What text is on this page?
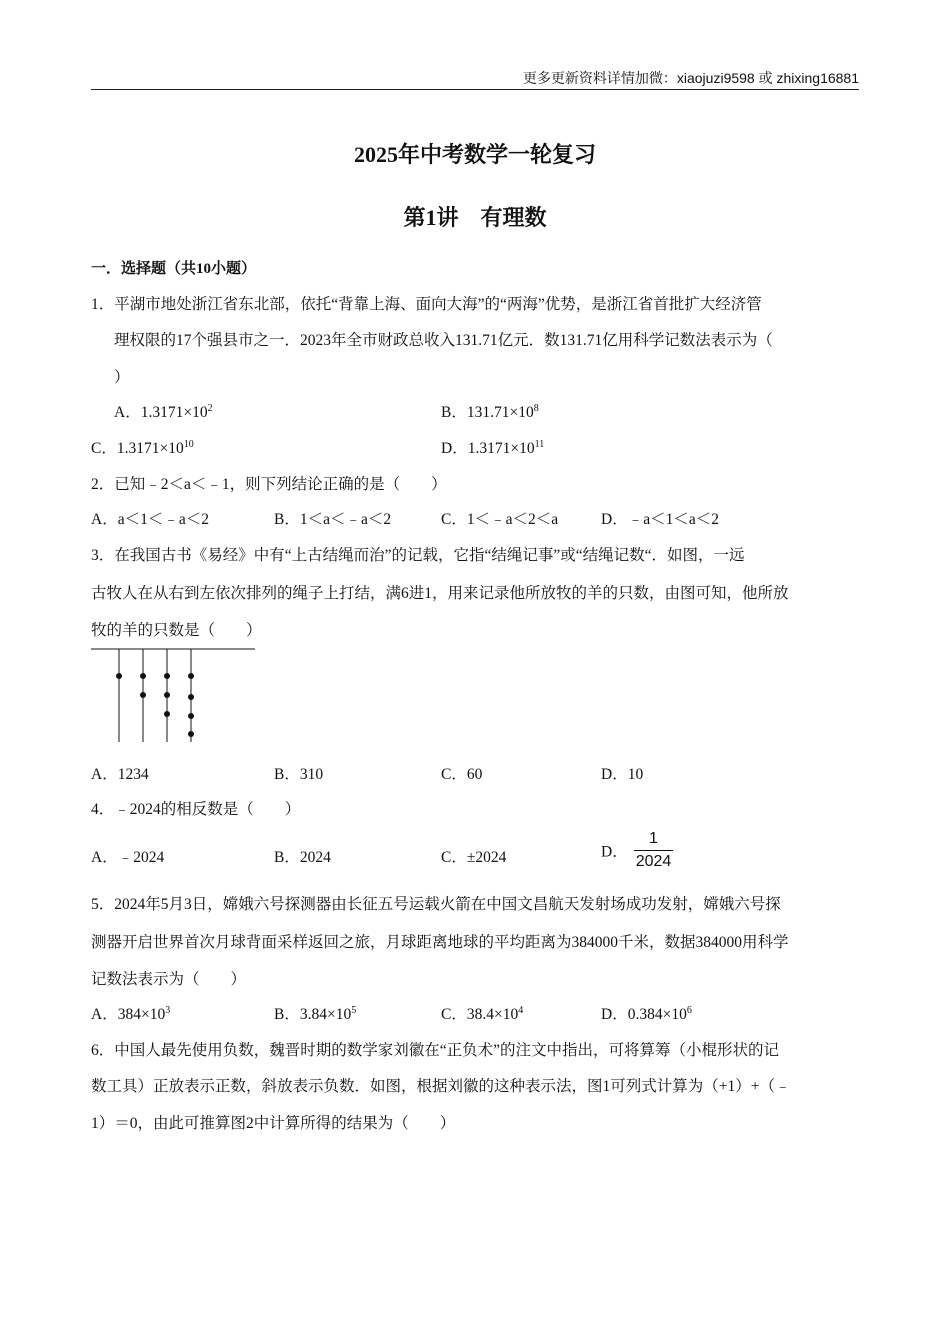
更多更新资料详情加微：xiaojuzi9598 或 zhixing16881
2025年中考数学一轮复习
第1讲　有理数
一．选择题（共10小题）
1．平湖市地处浙江省东北部，依托“背靠上海、面向大海”的“两海”优势，是浙江省首批扩大经济管
理权限的17个强县市之一．2023年全市财政总收入131.71亿元．数131.71亿用科学记数法表示为（
）
A．$1.3171\times 10^2$	B．$131.71\times 10^8$
C．$1.3171\times 10^{10}$	D．$1.3171\times 10^{11}$
2．已知﹣2＜a＜﹣1，则下列结论正确的是（　　）
A．a＜1＜﹣a＜2	B．1＜a＜﹣a＜2	C．1＜﹣a＜2＜a	D．﹣a＜1＜a＜2
3．在我国古书《易经》中有“上古结绳而治”的记载，它指“结绳记事”或“结绳记数“．如图，一远
古牧人在从右到左依次排列的绳子上打结，满6进1，用来记录他所放牧的羊的只数，由图可知，他所放
牧的羊的只数是（　　）
A．1234	B．310	C．60	D．10
4．﹣2024的相反数是（　　）
A．﹣2024	B．2024	C．±2024	D． $\frac{1}{2024}$
5．2024年5月3日，嫦娥六号探测器由长征五号运载火箭在中国文昌航天发射场成功发射，嫦娥六号探
测器开启世界首次月球背面采样返回之旅，月球距离地球的平均距离为384000千米，数据384000用科学
记数法表示为（　　）
A．$384\times 10^3$	B．$3.84\times 10^5$	C．$38.4\times 10^4$	D．$0.384\times 10^6$
6．中国人最先使用负数，魏晋时期的数学家刘徽在“正负术”的注文中指出，可将算筹（小棍形状的记
数工具）正放表示正数，斜放表示负数．如图，根据刘徽的这种表示法，图1可列式计算为（+1）+（﹣
1）＝0，由此可推算图2中计算所得的结果为（　　）
